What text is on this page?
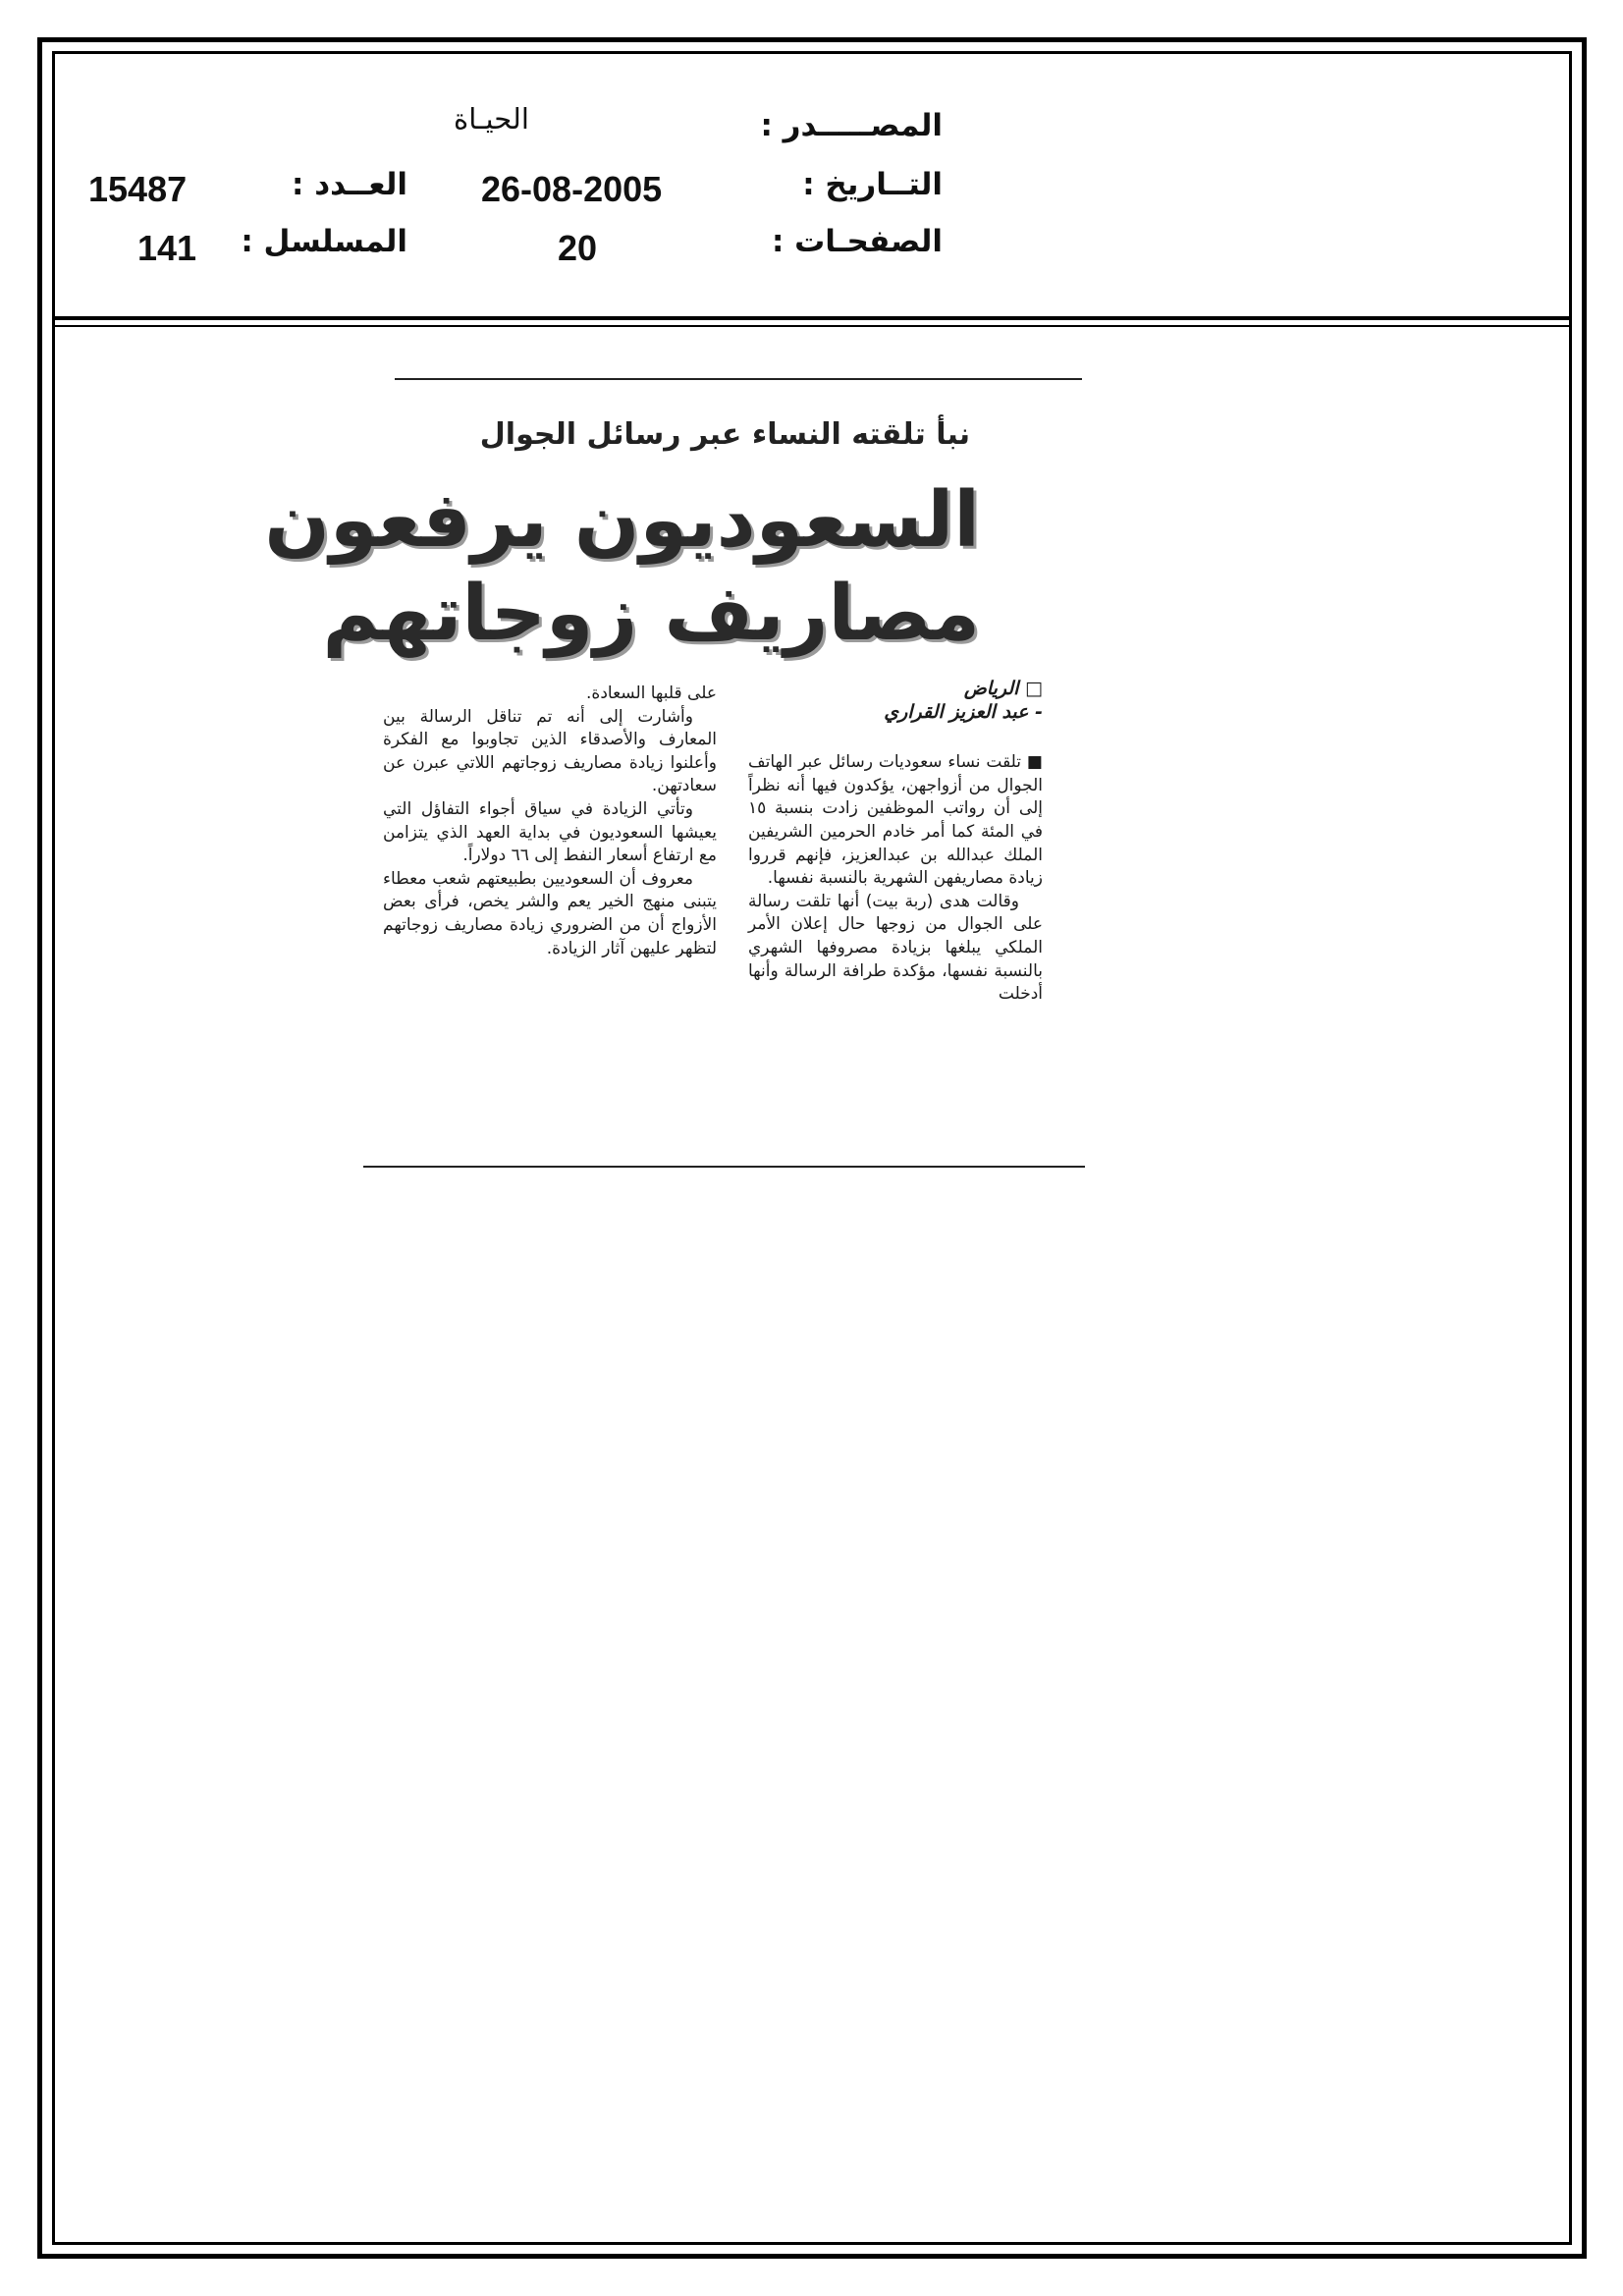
المصـــــدر :
التــاريخ :
الصفحـات :
الحيـاة
26-08-2005
20
العــدد :
المسلسل :
15487
141
نبأ تلقته النساء عبر رسائل الجوال
السعوديون يرفعون
مصاريف زوجاتهم

□ الرياض

- عبد العزيز القراري

■ تلقت نساء سعوديات رسائل عبر الهاتف الجوال من أزواجهن، يؤكدون فيها أنه نظراً إلى أن رواتب الموظفين زادت بنسبة ١٥ في المئة كما أمر خادم الحرمين الشريفين الملك عبدالله بن عبدالعزيز، فإنهم قرروا زيادة مصاريفهن الشهرية بالنسبة نفسها.

وقالت هدى (ربة بيت) أنها تلقت رسالة على الجوال من زوجها حال إعلان الأمر الملكي يبلغها بزيادة مصروفها الشهري بالنسبة نفسها، مؤكدة طرافة الرسالة وأنها أدخلت

على قلبها السعادة.

وأشارت إلى أنه تم تناقل الرسالة بين المعارف والأصدقاء الذين تجاوبوا مع الفكرة وأعلنوا زيادة مصاريف زوجاتهم اللاتي عبرن عن سعادتهن.

وتأتي الزيادة في سياق أجواء التفاؤل التي يعيشها السعوديون في بداية العهد الذي يتزامن مع ارتفاع أسعار النفط إلى ٦٦ دولاراً.

معروف أن السعوديين بطبيعتهم شعب معطاء يتبنى منهج الخير يعم والشر يخص، فرأى بعض الأزواج أن من الضروري زيادة مصاريف زوجاتهم لتظهر عليهن آثار الزيادة.
